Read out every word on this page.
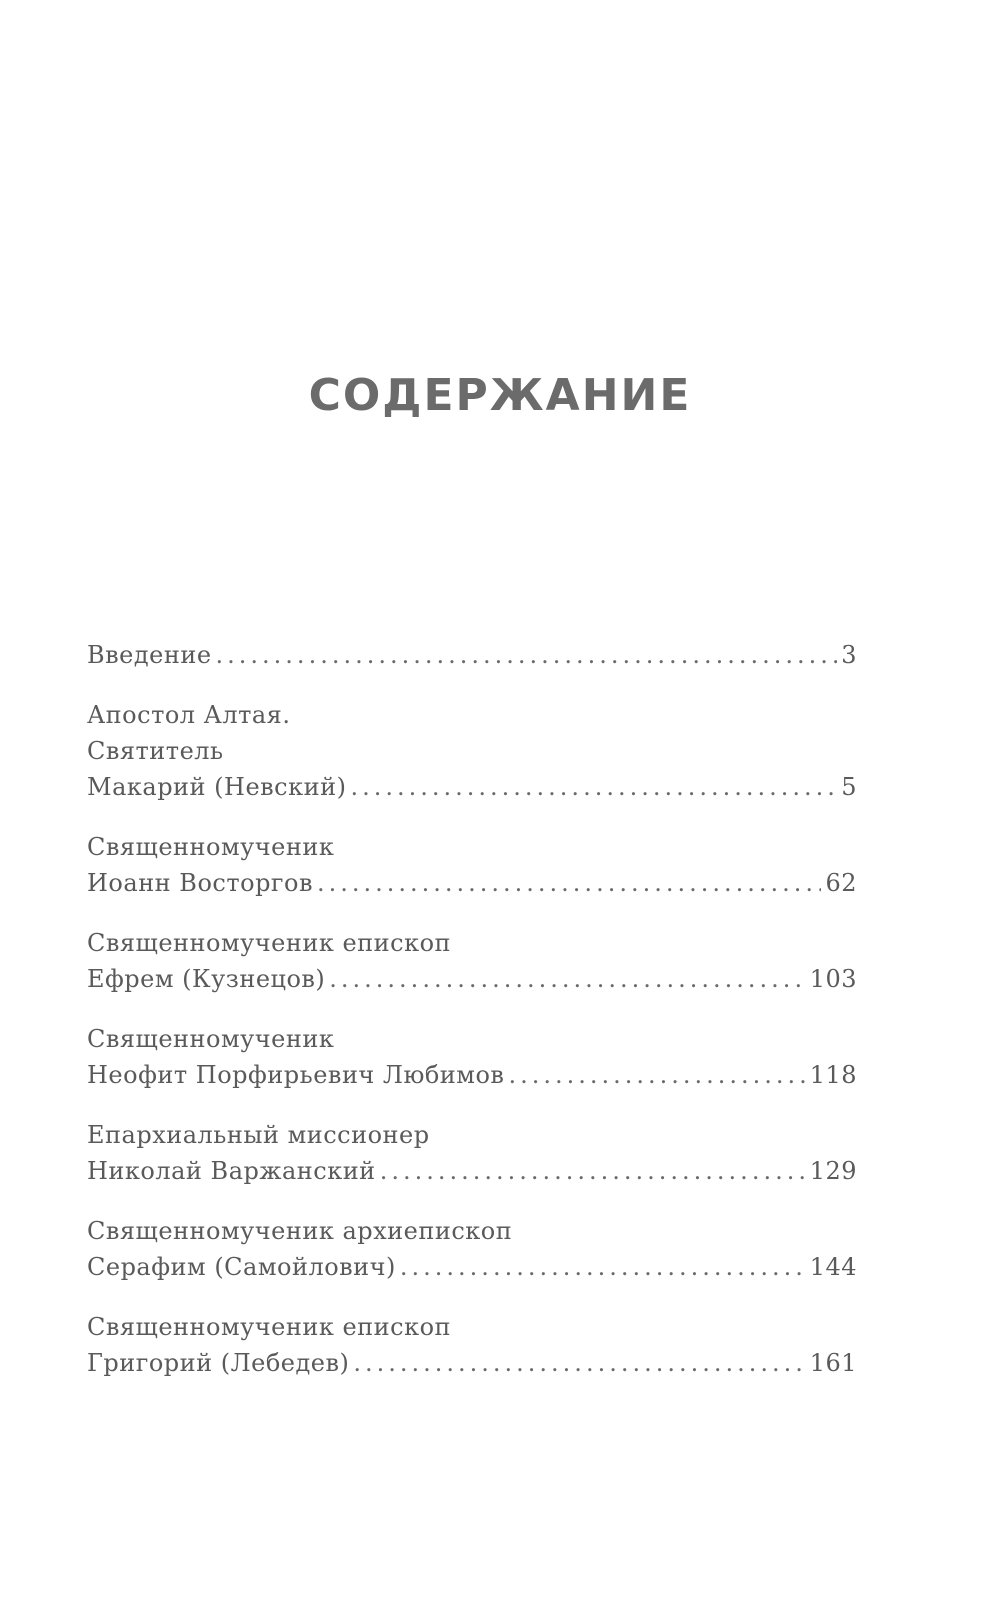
СОДЕРЖАНИЕ
Введение .....	3
Апостол Алтая.
Святитель
Макарий (Невский) .....	5
Священномученик
Иоанн Восторгов .....	62
Священномученик епископ
Ефрем (Кузнецов) .....	103
Священномученик
Неофит Порфирьевич Любимов .....	118
Епархиальный миссионер
Николай Варжанский .....	129
Священномученик архиепископ
Серафим (Самойлович) .....	144
Священномученик епископ
Григорий (Лебедев) .....	161
